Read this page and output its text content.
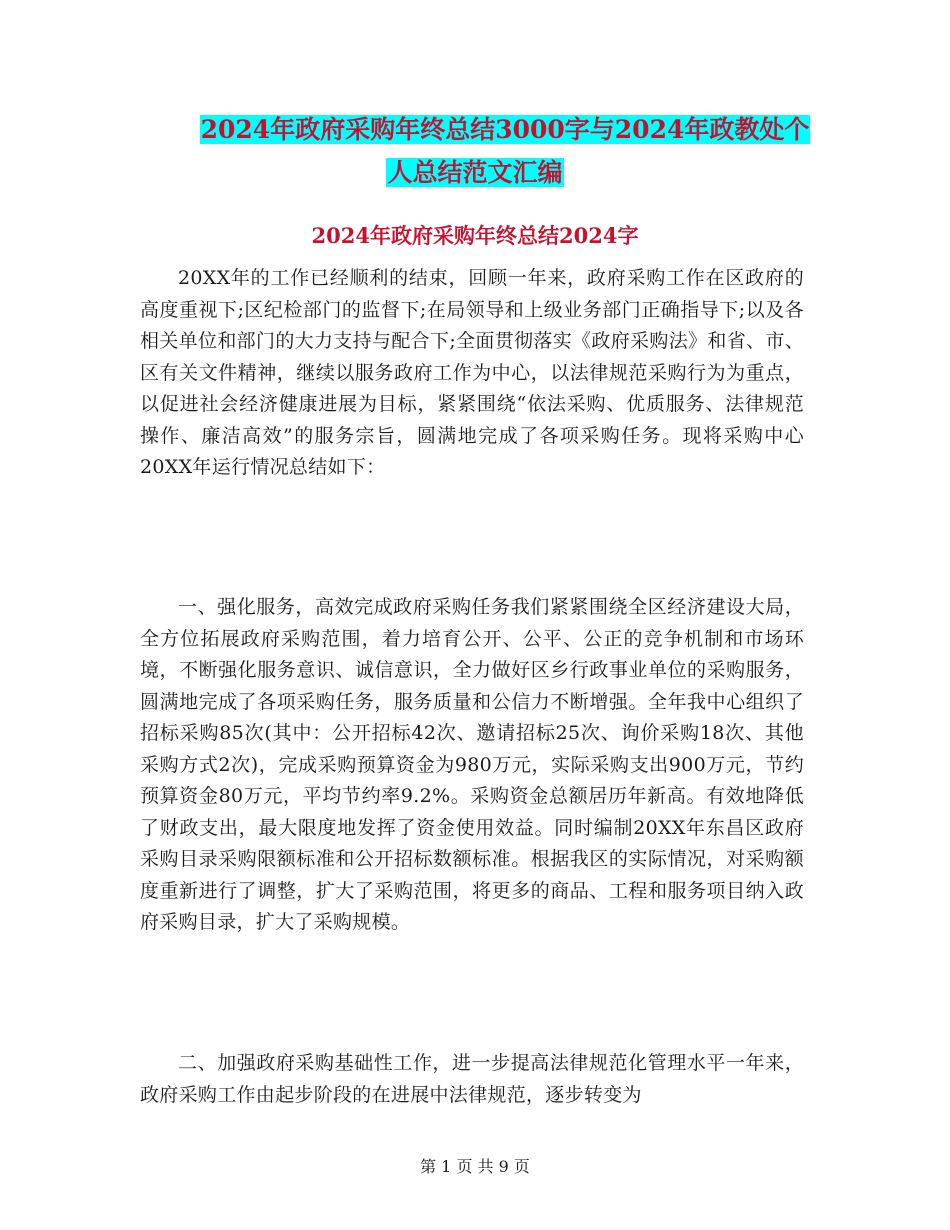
2024年政府采购年终总结3000字与2024年政教处个
人总结范文汇编
2024年政府采购年终总结2024字

20XX年的工作已经顺利的结束，回顾一年来，政府采购工作在区政府的高度重视下;区纪检部门的监督下;在局领导和上级业务部门正确指导下;以及各相关单位和部门的大力支持与配合下;全面贯彻落实《政府采购法》和省、市、区有关文件精神，继续以服务政府工作为中心，以法律规范采购行为为重点，以促进社会经济健康进展为目标，紧紧围绕“依法采购、优质服务、法律规范操作、廉洁高效”的服务宗旨，圆满地完成了各项采购任务。现将采购中心20XX年运行情况总结如下：

一、强化服务，高效完成政府采购任务我们紧紧围绕全区经济建设大局，全方位拓展政府采购范围，着力培育公开、公平、公正的竞争机制和市场环境，不断强化服务意识、诚信意识，全力做好区乡行政事业单位的采购服务，圆满地完成了各项采购任务，服务质量和公信力不断增强。全年我中心组织了招标采购85次(其中：公开招标42次、邀请招标25次、询价采购18次、其他采购方式2次)，完成采购预算资金为980万元，实际采购支出900万元，节约预算资金80万元，平均节约率9.2%。采购资金总额居历年新高。有效地降低了财政支出，最大限度地发挥了资金使用效益。同时编制20XX年东昌区政府采购目录采购限额标准和公开招标数额标准。根据我区的实际情况，对采购额度重新进行了调整，扩大了采购范围，将更多的商品、工程和服务项目纳入政府采购目录，扩大了采购规模。

二、加强政府采购基础性工作，进一步提高法律规范化管理水平一年来，政府采购工作由起步阶段的在进展中法律规范，逐步转变为

第 1 页 共 9 页
